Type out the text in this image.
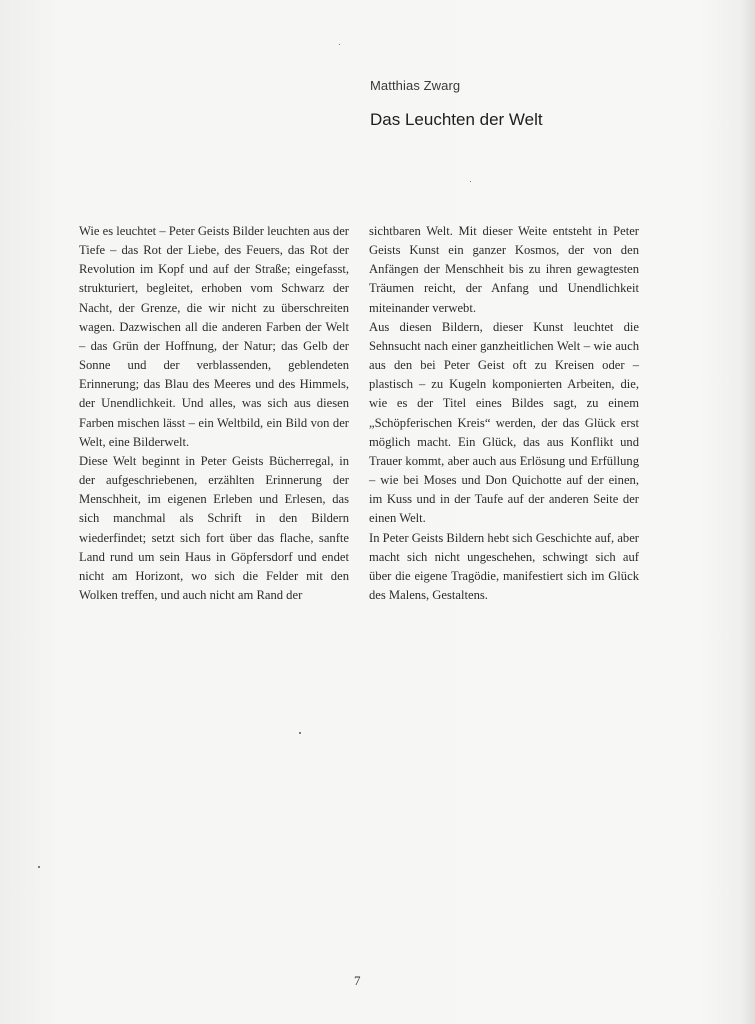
Matthias Zwarg
Das Leuchten der Welt

Wie es leuchtet – Peter Geists Bilder leuchten aus der Tiefe – das Rot der Liebe, des Feuers, das Rot der Revolution im Kopf und auf der Straße; eingefasst, strukturiert, begleitet, erhoben vom Schwarz der Nacht, der Grenze, die wir nicht zu überschreiten wagen. Dazwischen all die anderen Farben der Welt – das Grün der Hoffnung, der Natur; das Gelb der Sonne und der verblassenden, geblendeten Erinnerung; das Blau des Meeres und des Himmels, der Unendlichkeit. Und alles, was sich aus diesen Farben mischen lässt – ein Weltbild, ein Bild von der Welt, eine Bilderwelt.

Diese Welt beginnt in Peter Geists Bücherregal, in der aufgeschriebenen, erzählten Erinnerung der Menschheit, im eigenen Erleben und Erlesen, das sich manchmal als Schrift in den Bildern wiederfindet; setzt sich fort über das flache, sanfte Land rund um sein Haus in Göpfersdorf und endet nicht am Horizont, wo sich die Felder mit den Wolken treffen, und auch nicht am Rand der

sichtbaren Welt. Mit dieser Weite entsteht in Peter Geists Kunst ein ganzer Kosmos, der von den Anfängen der Menschheit bis zu ihren gewagtesten Träumen reicht, der Anfang und Unendlichkeit miteinander verwebt.

Aus diesen Bildern, dieser Kunst leuchtet die Sehnsucht nach einer ganzheitlichen Welt – wie auch aus den bei Peter Geist oft zu Kreisen oder – plastisch – zu Kugeln komponierten Arbeiten, die, wie es der Titel eines Bildes sagt, zu einem „Schöpferischen Kreis“ werden, der das Glück erst möglich macht. Ein Glück, das aus Konflikt und Trauer kommt, aber auch aus Erlösung und Erfüllung – wie bei Moses und Don Quichotte auf der einen, im Kuss und in der Taufe auf der anderen Seite der einen Welt.

In Peter Geists Bildern hebt sich Geschichte auf, aber macht sich nicht ungeschehen, schwingt sich auf über die eigene Tragödie, manifestiert sich im Glück des Malens, Gestaltens.

7
